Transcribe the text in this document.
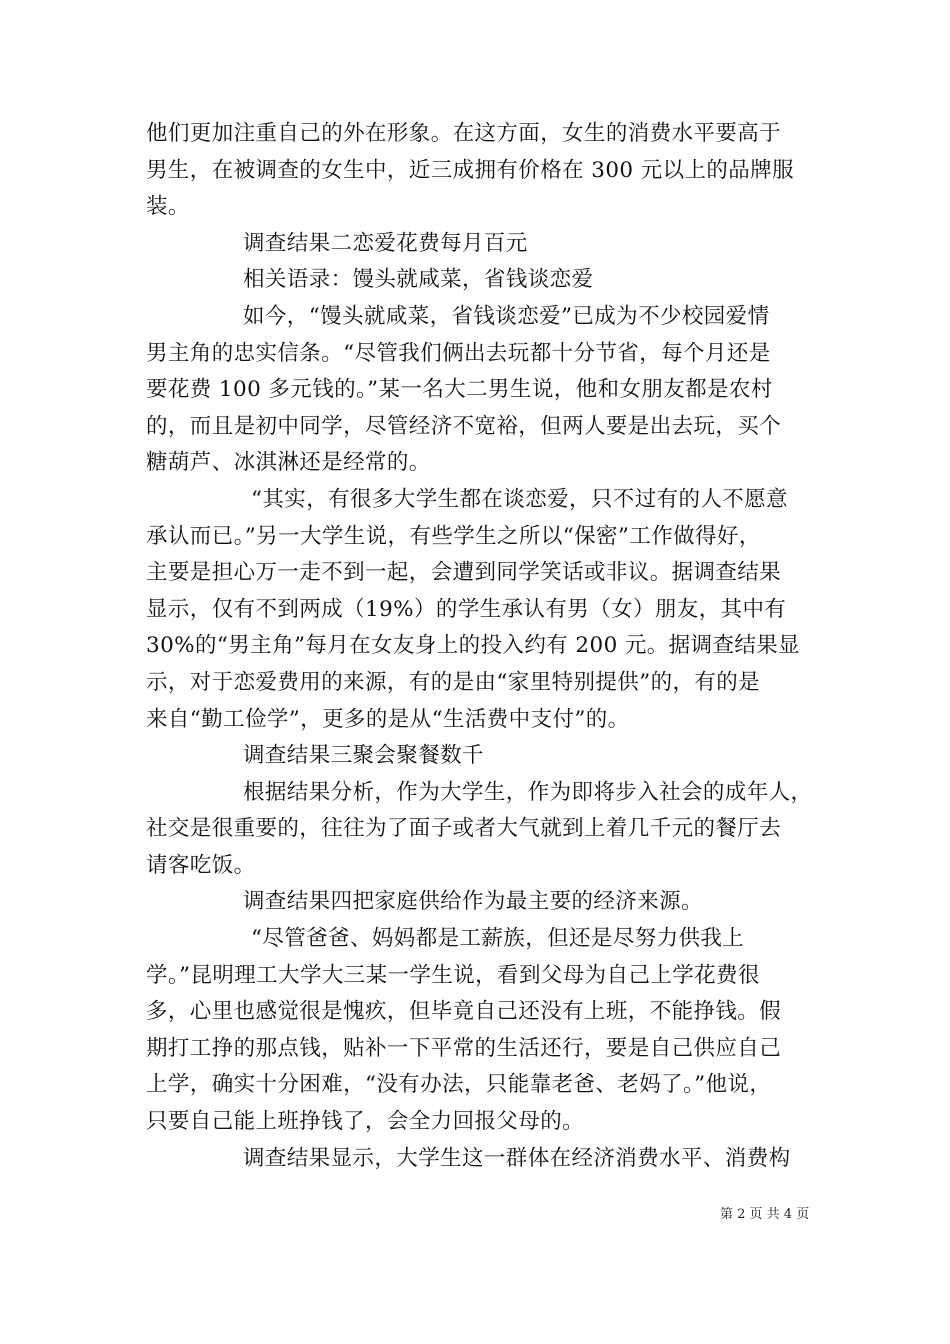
他们更加注重自己的外在形象。在这方面，女生的消费水平要高于
男生，在被调查的女生中，近三成拥有价格在 300 元以上的品牌服
装。
调查结果二恋爱花费每月百元
相关语录：馒头就咸菜，省钱谈恋爱
如今，“馒头就咸菜，省钱谈恋爱”已成为不少校园爱情
男主角的忠实信条。“尽管我们俩出去玩都十分节省，每个月还是
要花费 100 多元钱的。”某一名大二男生说，他和女朋友都是农村
的，而且是初中同学，尽管经济不宽裕，但两人要是出去玩，买个
糖葫芦、冰淇淋还是经常的。
“其实，有很多大学生都在谈恋爱，只不过有的人不愿意
承认而已。”另一大学生说，有些学生之所以“保密”工作做得好，
主要是担心万一走不到一起，会遭到同学笑话或非议。据调查结果
显示，仅有不到两成（19%）的学生承认有男（女）朋友，其中有
30%的“男主角”每月在女友身上的投入约有 200 元。据调查结果显
示，对于恋爱费用的来源，有的是由“家里特别提供”的，有的是
来自“勤工俭学”，更多的是从“生活费中支付”的。
调查结果三聚会聚餐数千
根据结果分析，作为大学生，作为即将步入社会的成年人，
社交是很重要的，往往为了面子或者大气就到上着几千元的餐厅去
请客吃饭。
调查结果四把家庭供给作为最主要的经济来源。
“尽管爸爸、妈妈都是工薪族，但还是尽努力供我上
学。”昆明理工大学大三某一学生说，看到父母为自己上学花费很
多，心里也感觉很是愧疚，但毕竟自己还没有上班，不能挣钱。假
期打工挣的那点钱，贴补一下平常的生活还行，要是自己供应自己
上学，确实十分困难，“没有办法，只能靠老爸、老妈了。”他说，
只要自己能上班挣钱了，会全力回报父母的。
调查结果显示，大学生这一群体在经济消费水平、消费构
第 2 页 共 4 页
